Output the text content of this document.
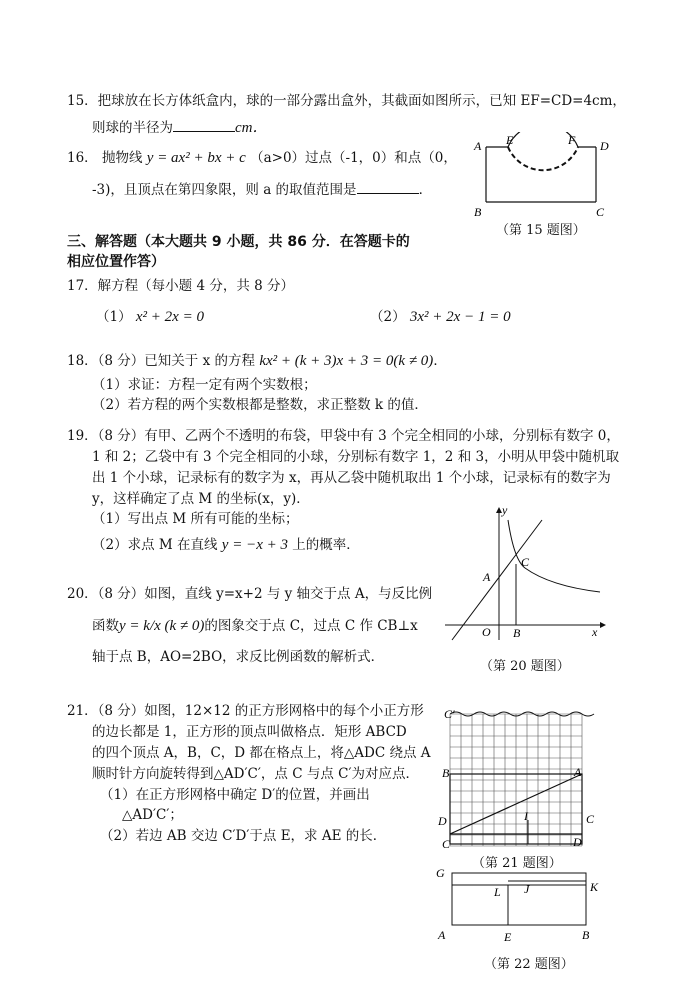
15．把球放在长方体纸盒内，球的一部分露出盒外，其截面如图所示，已知 EF=CD=4cm，
则球的半径为	cm．
16． 抛物线 y = ax² + bx + c （a>0）过点（-1，0）和点（0，
-3)，且顶点在第四象限，则 a 的取值范围是	．
A E	F D
B	C
（第 15 题图）
三、解答题（本大题共 9 小题，共 86 分．在答题卡的
相应位置作答）
17．解方程（每小题 4 分，共 8 分）
（1） x² + 2x = 0	（2） 3x² + 2x − 1 = 0
18．（8 分）已知关于 x 的方程 kx² + (k + 3)x + 3 = 0(k ≠ 0)．
（1）求证：方程一定有两个实数根；
（2）若方程的两个实数根都是整数，求正整数 k 的值．
19．（8 分）有甲、乙两个不透明的布袋，甲袋中有 3 个完全相同的小球，分别标有数字 0，
1 和 2；乙袋中有 3 个完全相同的小球，分别标有数字 1，2 和 3，小明从甲袋中随机取
出 1 个小球，记录标有的数字为 x，再从乙袋中随机取出 1 个小球，记录标有的数字为
y，这样确定了点 M 的坐标(x，y)．
（1）写出点 M 所有可能的坐标；
（2）求点 M 在直线 y = −x + 3 上的概率．
y
C
A
O B	x
（第 20 题图）
20．（8 分）如图，直线 y=x+2 与 y 轴交于点 A，与反比例
函数y = k/x (k ≠ 0)的图象交于点 C，过点 C 作 CB⊥x
轴于点 B，AO=2BO，求反比例函数的解析式．
21．（8 分）如图，12×12 的正方形网格中的每个小正方形
的边长都是 1，正方形的顶点叫做格点．矩形 ABCD
的四个顶点 A，B，C，D 都在格点上，将△ADC 绕点 A
顺时针方向旋转得到△AD′C′，点 C 与点 C′为对应点．
（1）在正方形网格中确定 D′的位置，并画出
△AD′C′；
（2）若边 AB 交边 C′D′于点 E，求 AE 的长．
C′
B	A
D	I	C
C	D
（第 21 题图）
G
L J	K
A	E	B
（第 22 题图）
